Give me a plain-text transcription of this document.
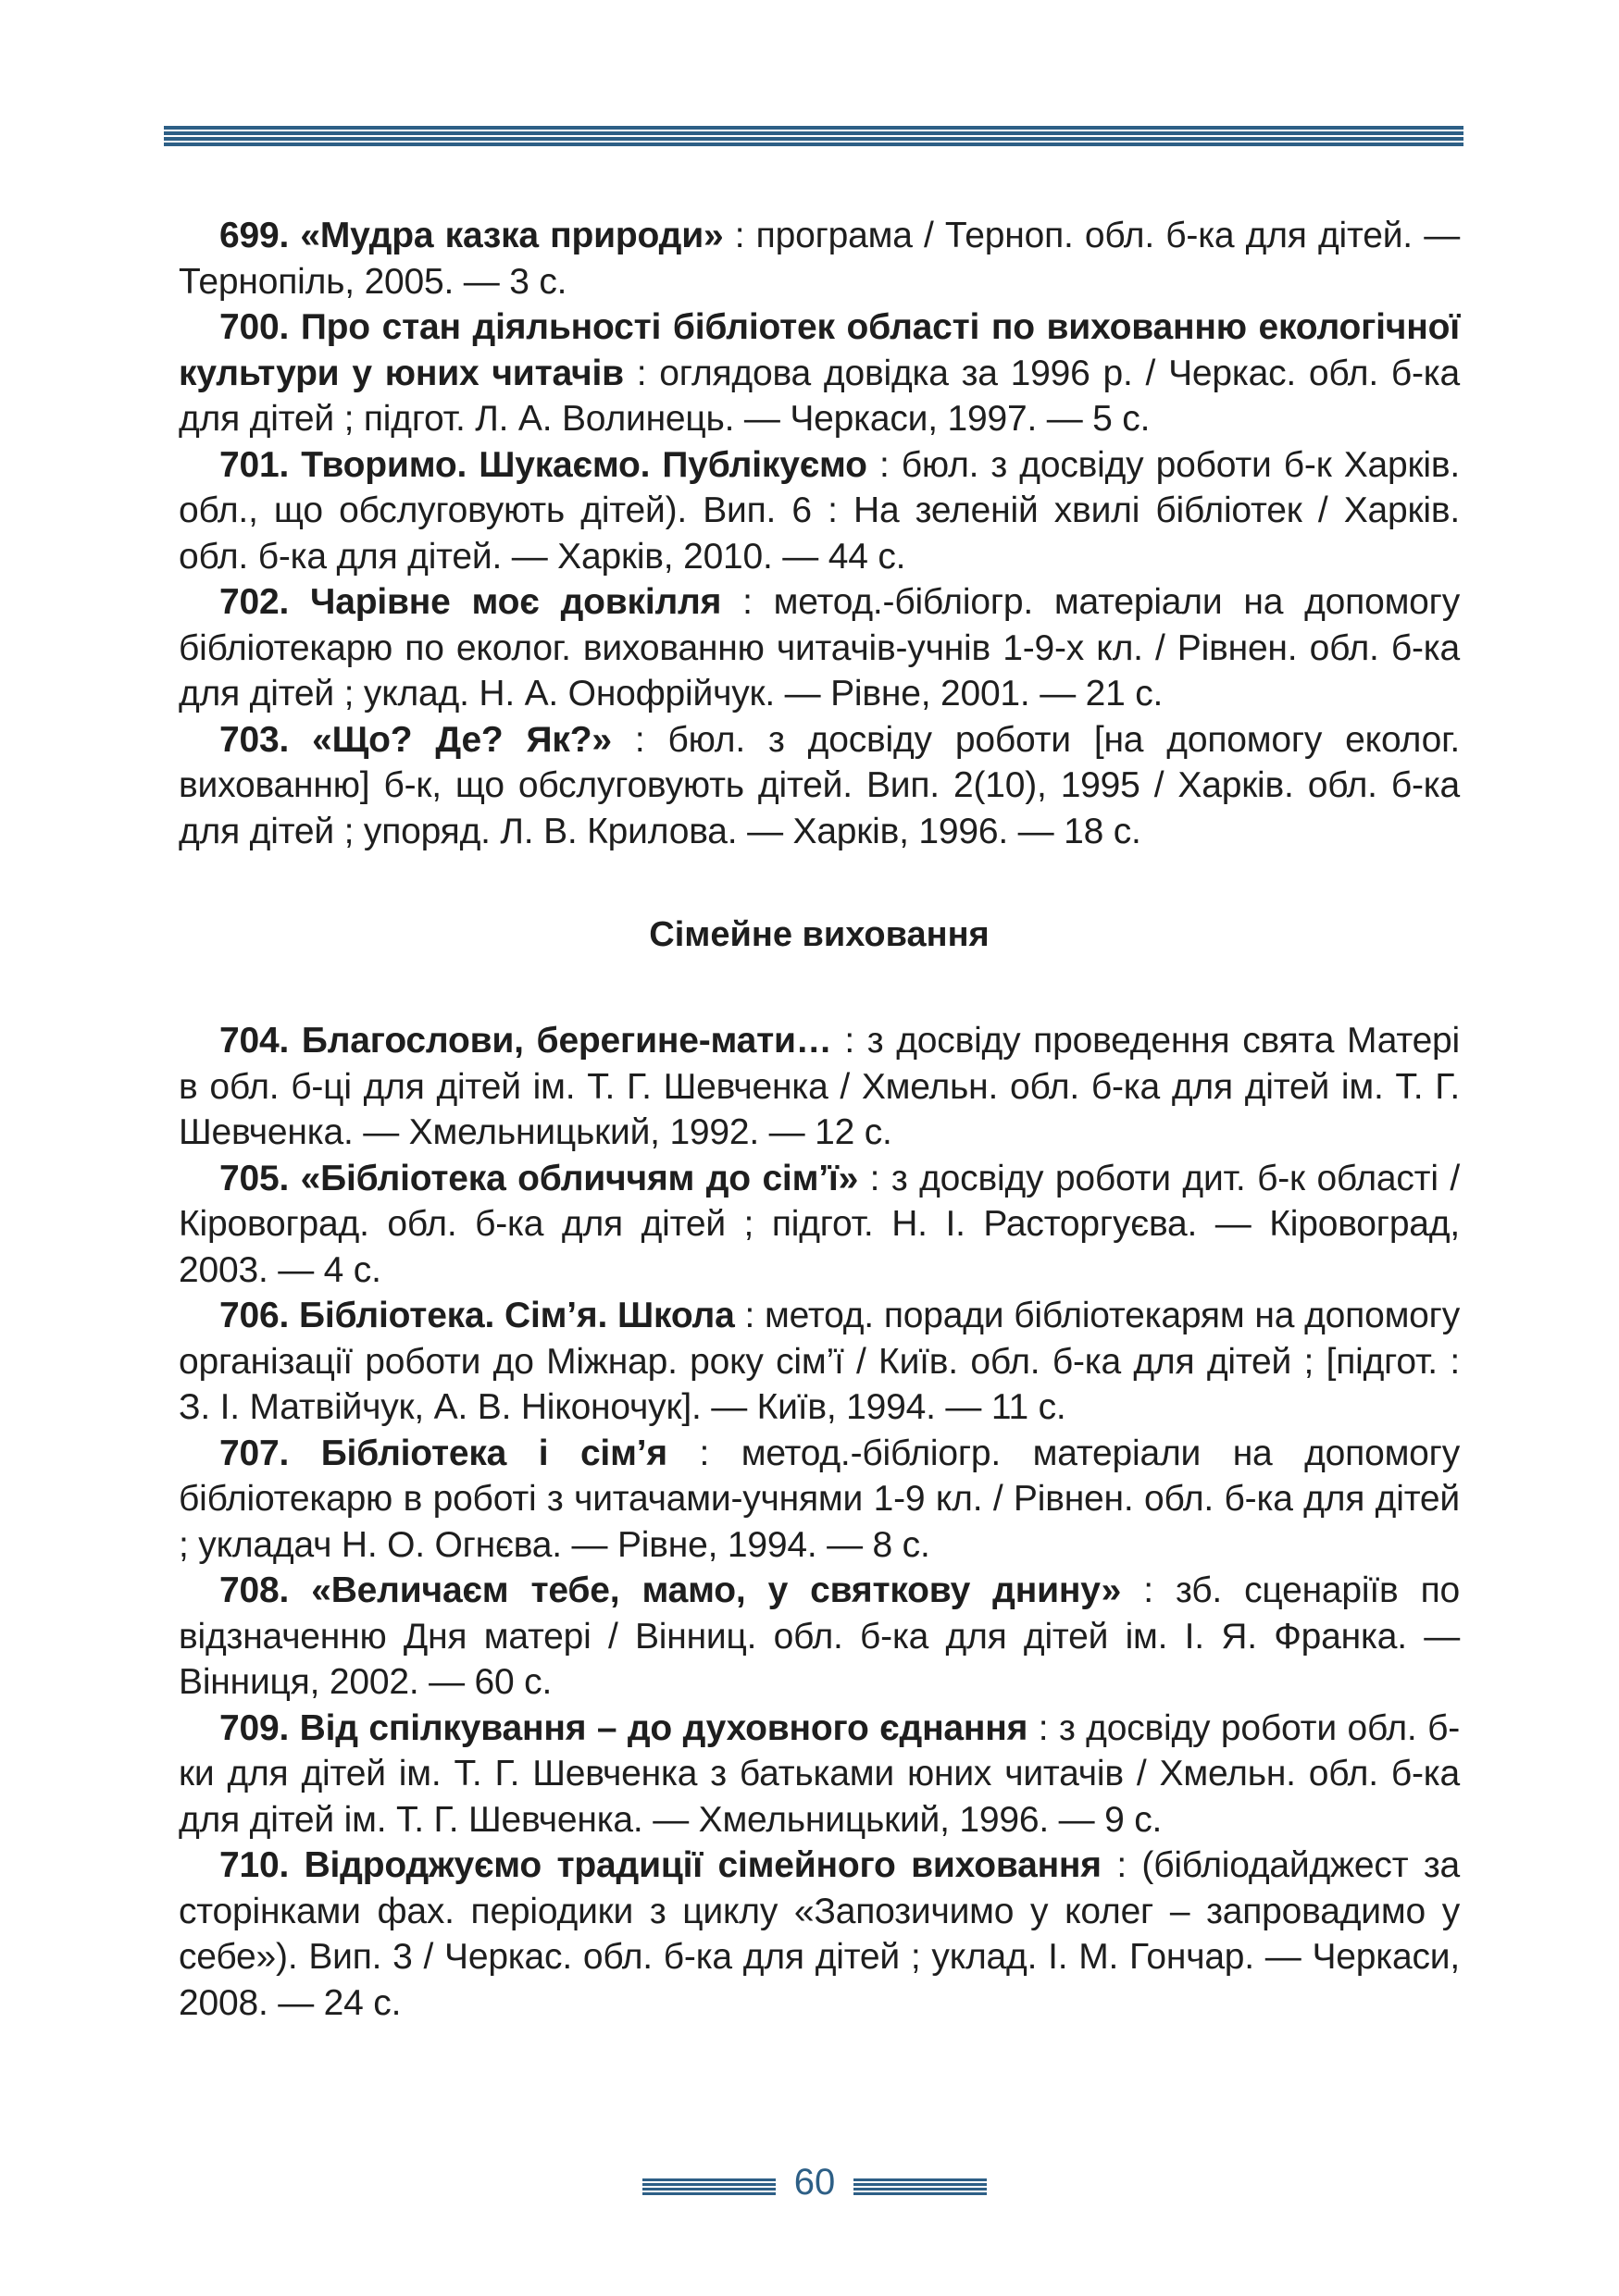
699. «Мудра казка природи» : програма / Терноп. обл. б-ка для дітей. — Тернопіль, 2005. — 3 с.

700. Про стан діяльності бібліотек області по вихованню екологічної культури у юних читачів : оглядова довідка за 1996 р. / Черкас. обл. б-ка для дітей ; підгот. Л. А. Волинець. — Черкаси, 1997. — 5 с.

701. Творимо. Шукаємо. Публікуємо : бюл. з досвіду роботи б-к Харків. обл., що обслуговують дітей). Вип. 6 : На зеленій хвилі бібліотек / Харків. обл. б-ка для дітей. — Харків, 2010. — 44 с.

702. Чарівне моє довкілля : метод.-бібліогр. матеріали на допомогу бібліотекарю по еколог. вихованню читачів-учнів 1-9-х кл. / Рівнен. обл. б-ка для дітей ; уклад. Н. А. Онофрійчук. — Рівне, 2001. — 21 с.

703. «Що? Де? Як?» : бюл. з досвіду роботи [на допомогу еколог. вихованню] б-к, що обслуговують дітей. Вип. 2(10), 1995 / Харків. обл. б-ка для дітей ; упоряд. Л. В. Крилова. — Харків, 1996. — 18 с.

Сімейне виховання

704. Благослови, берегине-мати… : з досвіду проведення свята Матері в обл. б-ці для дітей ім. Т. Г. Шевченка / Хмельн. обл. б-ка для дітей ім. Т. Г. Шевченка. — Хмельницький, 1992. — 12 с.

705. «Бібліотека обличчям до сім’ї» : з досвіду роботи дит. б-к області / Кіровоград. обл. б-ка для дітей ; підгот. Н. І. Расторгуєва. — Кіровоград, 2003. — 4 с.

706. Бібліотека. Сім’я. Школа : метод. поради бібліотекарям на допомогу організації роботи до Міжнар. року сім’ї / Київ. обл. б-ка для дітей ; [підгот. : З. І. Матвійчук, А. В. Ніконочук]. — Київ, 1994. — 11 с.

707. Бібліотека і сім’я : метод.-бібліогр. матеріали на допомогу бібліотекарю в роботі з читачами-учнями 1-9 кл. / Рівнен. обл. б-ка для дітей ; укладач Н. О. Огнєва. — Рівне, 1994. — 8 с.

708. «Величаєм тебе, мамо, у святкову днину» : зб. сценаріїв по відзначенню Дня матері / Вінниц. обл. б-ка для дітей ім. І. Я. Франка. — Вінниця, 2002. — 60 с.

709. Від спілкування – до духовного єднання : з досвіду роботи обл. б-ки для дітей ім. Т. Г. Шевченка з батьками юних читачів / Хмельн. обл. б-ка для дітей ім. Т. Г. Шевченка. — Хмельницький, 1996. — 9 с.

710. Відроджуємо традиції сімейного виховання : (бібліодайджест за сторінками фах. періодики з циклу «Запозичимо у колег – запровадимо у себе»). Вип. 3 / Черкас. обл. б-ка для дітей ; уклад. І. М. Гончар. — Черкаси, 2008. — 24 с.

60
